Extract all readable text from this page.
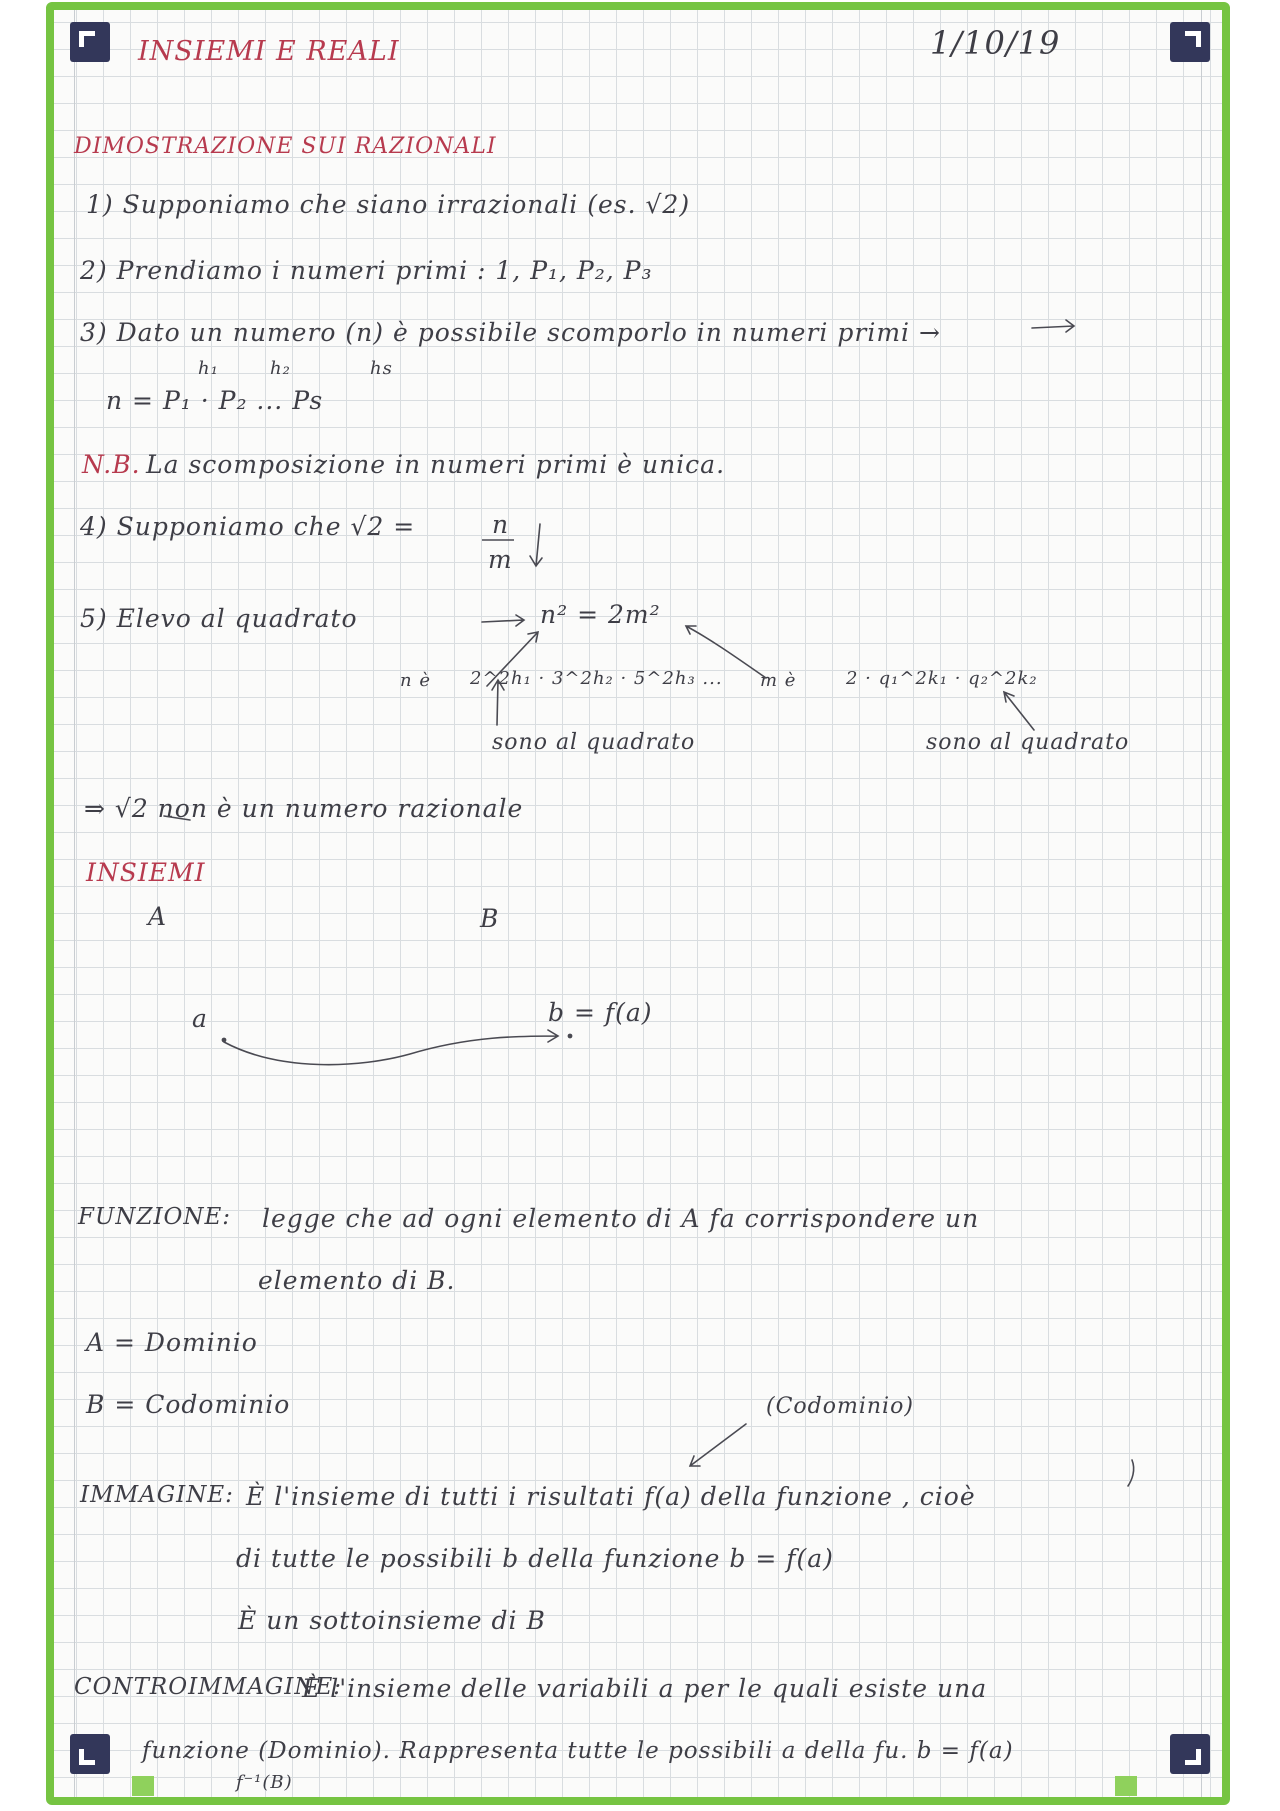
INSIEMI E REALI	1/10/19
DIMOSTRAZIONE SUI RAZIONALI
1) Supponiamo che siano irrazionali (es. √2)
2) Prendiamo i numeri primi : 1, P₁, P₂, P₃
3) Dato un numero (n) è possibile scomporlo in numeri primi →
n = P₁ · P₂ ... Ps
h₁	h₂	hs
N.B. La scomposizione in numeri primi è unica.
4) Supponiamo che √2 =	n
m
5) Elevo al quadrato	n² = 2m²
n è 2^2h₁ · 3^2h₂ · 5^2h₃ ... m è	2 · q₁^2k₁ · q₂^2k₂
sono al quadrato	sono al quadrato
⇒ √2 non è un numero razionale
INSIEMI
A	B
a	b = f(a)
FUNZIONE: legge che ad ogni elemento di A fa corrispondere un
elemento di B.
A = Dominio
B = Codominio	(Codominio)
IMMAGINE: È l'insieme di tutti i risultati f(a) della funzione , cioè
di tutte le possibili b della funzione b = f(a)
È un sottoinsieme di B
CONTROIMMAGINE:
È l'insieme delle variabili a per le quali esiste una
funzione (Dominio). Rappresenta tutte le possibili a della fu. b = f(a)
f⁻¹(B)
